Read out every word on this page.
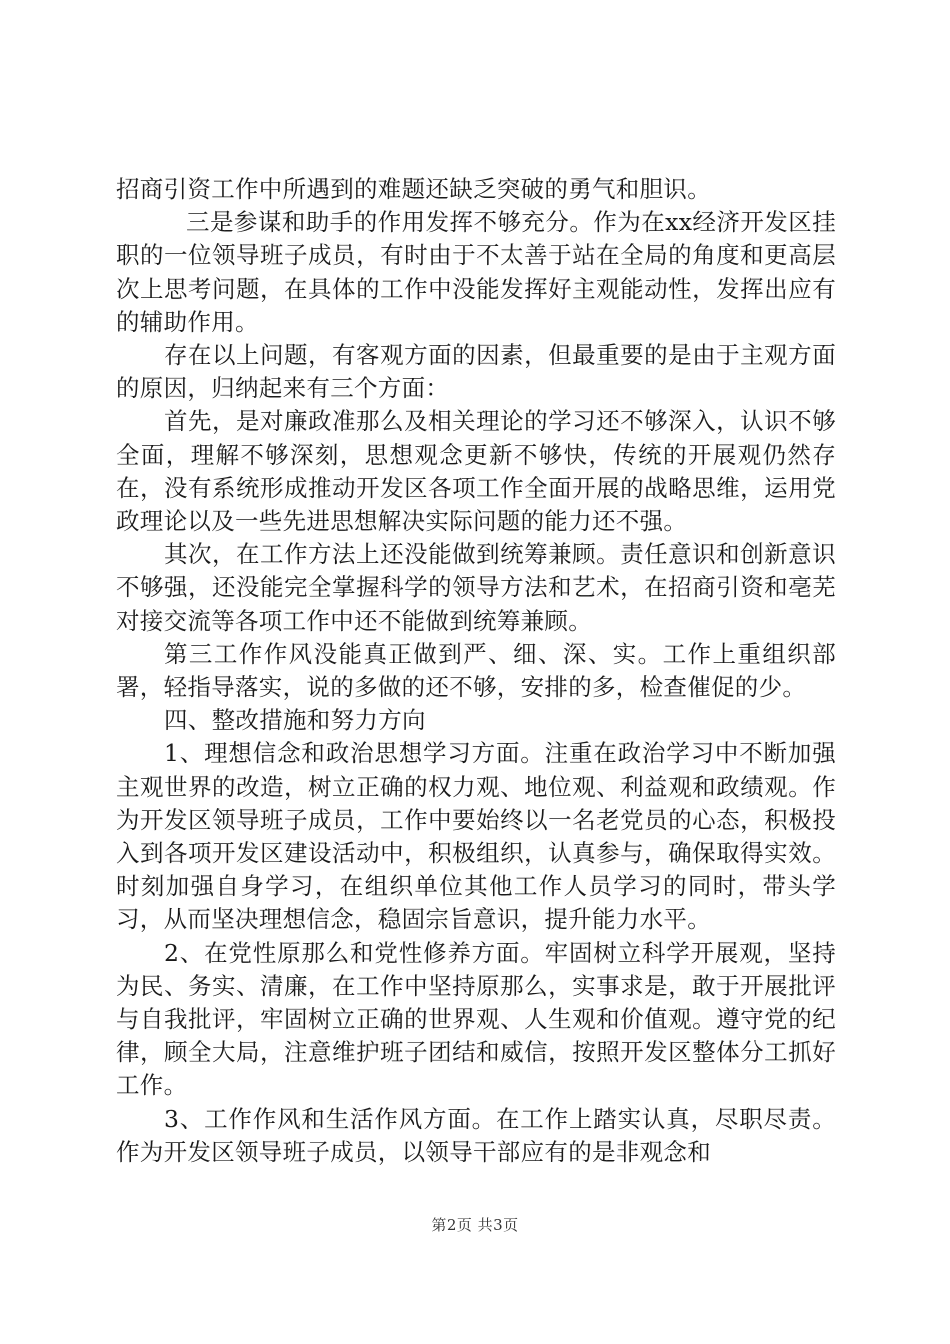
招商引资工作中所遇到的难题还缺乏突破的勇气和胆识。

三是参谋和助手的作用发挥不够充分。作为在xx经济开发区挂职的一位领导班子成员，有时由于不太善于站在全局的角度和更高层次上思考问题，在具体的工作中没能发挥好主观能动性，发挥出应有的辅助作用。

存在以上问题，有客观方面的因素，但最重要的是由于主观方面的原因，归纳起来有三个方面：

首先，是对廉政准那么及相关理论的学习还不够深入，认识不够全面，理解不够深刻，思想观念更新不够快，传统的开展观仍然存在，没有系统形成推动开发区各项工作全面开展的战略思维，运用党政理论以及一些先进思想解决实际问题的能力还不强。

其次，在工作方法上还没能做到统筹兼顾。责任意识和创新意识不够强，还没能完全掌握科学的领导方法和艺术，在招商引资和亳芜对接交流等各项工作中还不能做到统筹兼顾。

第三工作作风没能真正做到严、细、深、实。工作上重组织部署，轻指导落实，说的多做的还不够，安排的多，检查催促的少。

四、整改措施和努力方向

1、理想信念和政治思想学习方面。注重在政治学习中不断加强主观世界的改造，树立正确的权力观、地位观、利益观和政绩观。作为开发区领导班子成员，工作中要始终以一名老党员的心态，积极投入到各项开发区建设活动中，积极组织，认真参与，确保取得实效。时刻加强自身学习，在组织单位其他工作人员学习的同时，带头学习，从而坚决理想信念，稳固宗旨意识，提升能力水平。

2、在党性原那么和党性修养方面。牢固树立科学开展观，坚持为民、务实、清廉，在工作中坚持原那么，实事求是，敢于开展批评与自我批评，牢固树立正确的世界观、人生观和价值观。遵守党的纪律，顾全大局，注意维护班子团结和威信，按照开发区整体分工抓好工作。

3、工作作风和生活作风方面。在工作上踏实认真，尽职尽责。作为开发区领导班子成员，以领导干部应有的是非观念和

第2页 共3页
